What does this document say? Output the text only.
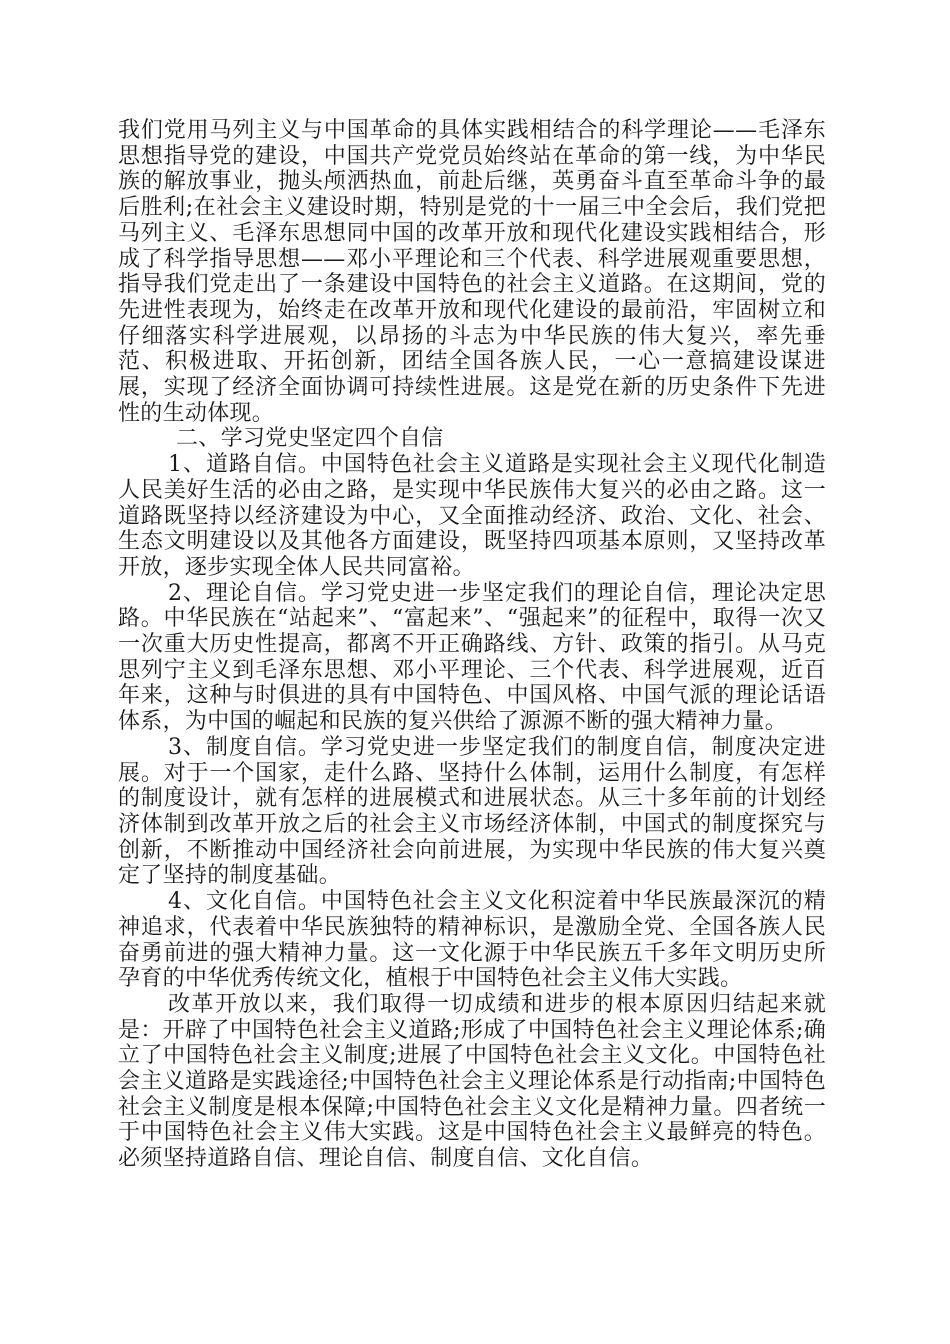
我们党用马列主义与中国革命的具体实践相结合的科学理论——毛泽东思想指导党的建设，中国共产党党员始终站在革命的第一线，为中华民族的解放事业，抛头颅洒热血，前赴后继，英勇奋斗直至革命斗争的最后胜利;在社会主义建设时期，特别是党的十一届三中全会后，我们党把马列主义、毛泽东思想同中国的改革开放和现代化建设实践相结合，形成了科学指导思想——邓小平理论和三个代表、科学进展观重要思想，指导我们党走出了一条建设中国特色的社会主义道路。在这期间，党的先进性表现为，始终走在改革开放和现代化建设的最前沿，牢固树立和仔细落实科学进展观，以昂扬的斗志为中华民族的伟大复兴，率先垂范、积极进取、开拓创新，团结全国各族人民，一心一意搞建设谋进展，实现了经济全面协调可持续性进展。这是党在新的历史条件下先进性的生动体现。

二、学习党史坚定四个自信

1、道路自信。中国特色社会主义道路是实现社会主义现代化制造人民美好生活的必由之路，是实现中华民族伟大复兴的必由之路。这一道路既坚持以经济建设为中心，又全面推动经济、政治、文化、社会、生态文明建设以及其他各方面建设，既坚持四项基本原则，又坚持改革开放，逐步实现全体人民共同富裕。

2、理论自信。学习党史进一步坚定我们的理论自信，理论决定思路。中华民族在“站起来”、“富起来”、“强起来”的征程中，取得一次又一次重大历史性提高，都离不开正确路线、方针、政策的指引。从马克思列宁主义到毛泽东思想、邓小平理论、三个代表、科学进展观，近百年来，这种与时俱进的具有中国特色、中国风格、中国气派的理论话语体系，为中国的崛起和民族的复兴供给了源源不断的强大精神力量。

3、制度自信。学习党史进一步坚定我们的制度自信，制度决定进展。对于一个国家，走什么路、坚持什么体制，运用什么制度，有怎样的制度设计，就有怎样的进展模式和进展状态。从三十多年前的计划经济体制到改革开放之后的社会主义市场经济体制，中国式的制度探究与创新，不断推动中国经济社会向前进展，为实现中华民族的伟大复兴奠定了坚持的制度基础。

4、文化自信。中国特色社会主义文化积淀着中华民族最深沉的精神追求，代表着中华民族独特的精神标识，是激励全党、全国各族人民奋勇前进的强大精神力量。这一文化源于中华民族五千多年文明历史所孕育的中华优秀传统文化，植根于中国特色社会主义伟大实践。

改革开放以来，我们取得一切成绩和进步的根本原因归结起来就是：开辟了中国特色社会主义道路;形成了中国特色社会主义理论体系;确立了中国特色社会主义制度;进展了中国特色社会主义文化。中国特色社会主义道路是实践途径;中国特色社会主义理论体系是行动指南;中国特色社会主义制度是根本保障;中国特色社会主义文化是精神力量。四者统一于中国特色社会主义伟大实践。这是中国特色社会主义最鲜亮的特色。必须坚持道路自信、理论自信、制度自信、文化自信。
